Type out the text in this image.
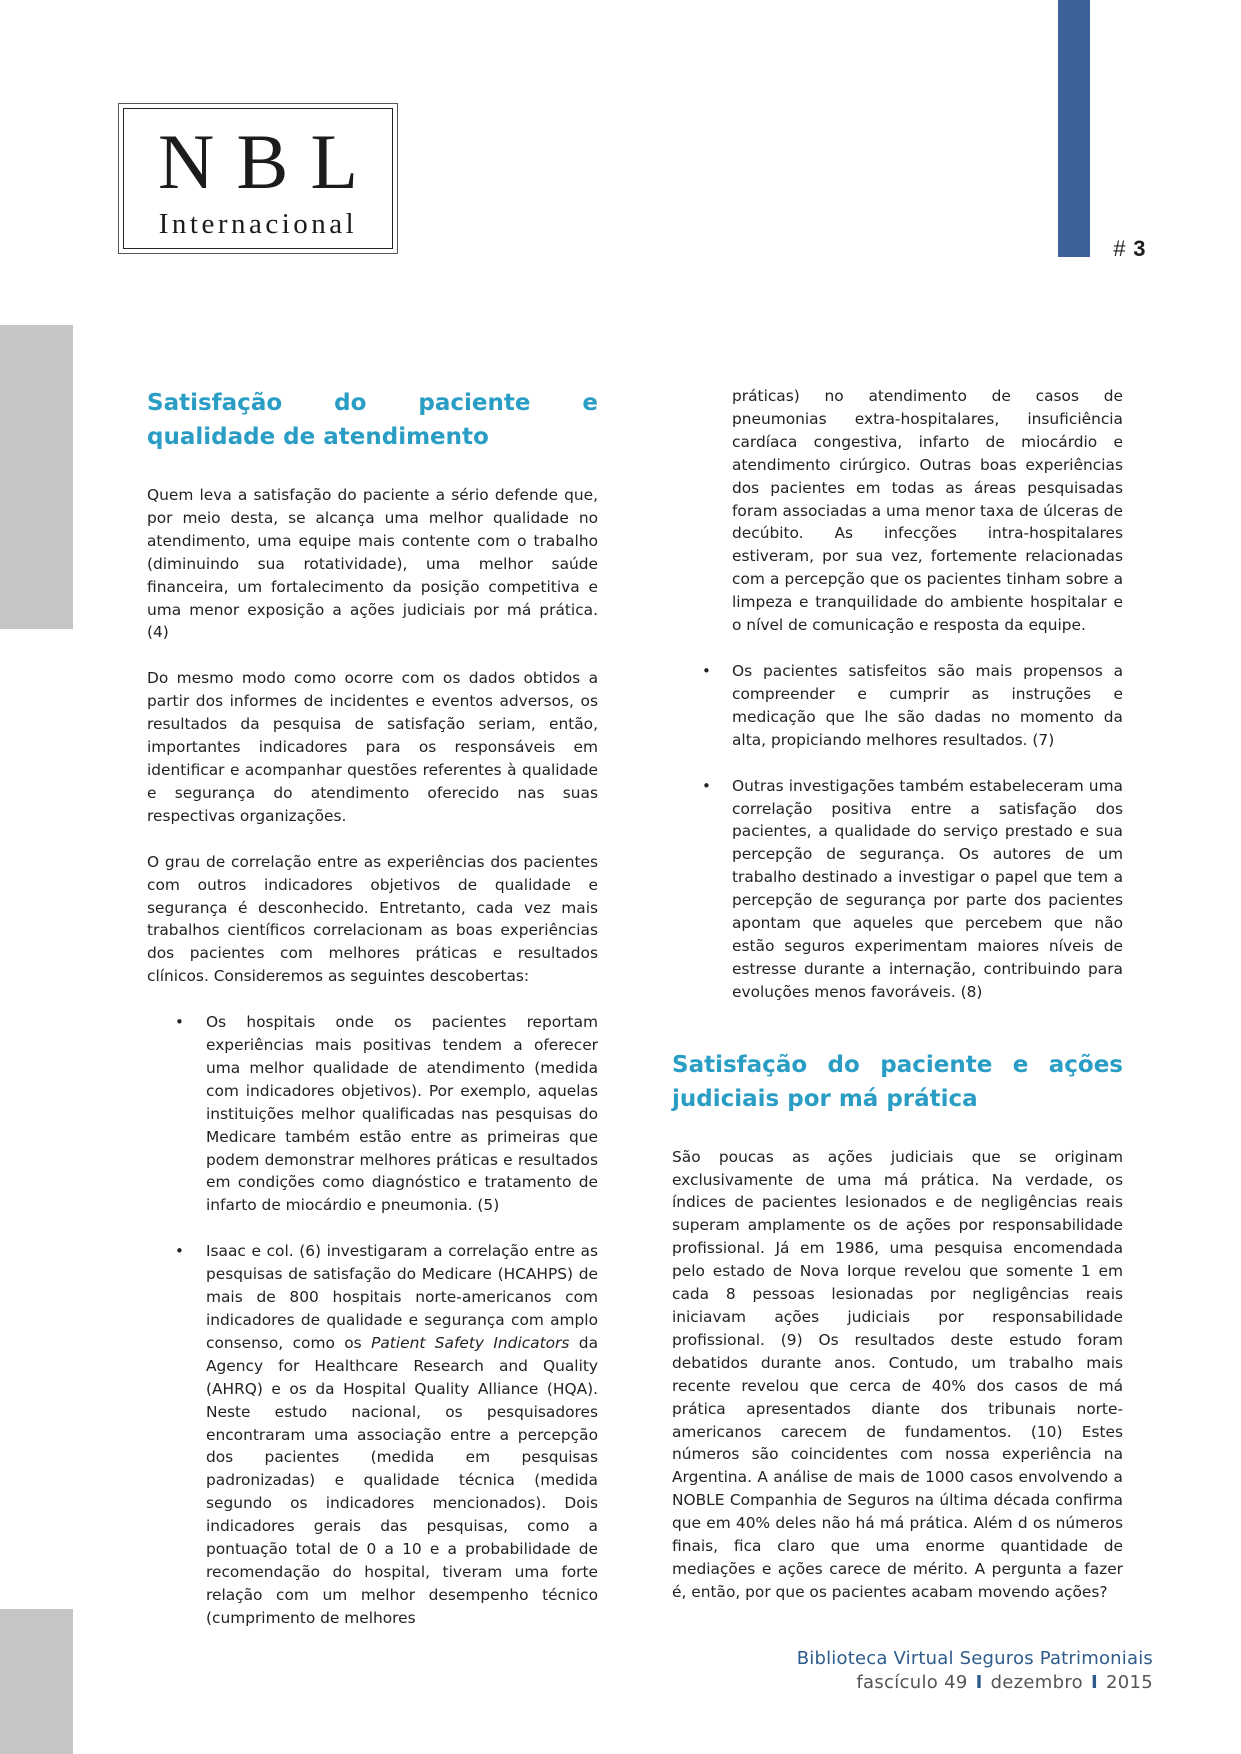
# 3
NBL
Internacional
Satisfação do paciente e qualidade de atendimento

Quem leva a satisfação do paciente a sério defende que, por meio desta, se alcança uma melhor qualidade no atendimento, uma equipe mais contente com o trabalho (diminuindo sua rotatividade), uma melhor saúde financeira, um fortalecimento da posição competitiva e uma menor exposição a ações judiciais por má prática. (4)

Do mesmo modo como ocorre com os dados obtidos a partir dos informes de incidentes e eventos adversos, os resultados da pesquisa de satisfação seriam, então, importantes indicadores para os responsáveis em identificar e acompanhar questões referentes à qualidade e segurança do atendimento oferecido nas suas respectivas organizações.

O grau de correlação entre as experiências dos pacientes com outros indicadores objetivos de qualidade e segurança é desconhecido. Entretanto, cada vez mais trabalhos científicos correlacionam as boas experiências dos pacientes com melhores práticas e resultados clínicos. Consideremos as seguintes descobertas:

• Os hospitais onde os pacientes reportam experiências mais positivas tendem a oferecer uma melhor qualidade de atendimento (medida com indicadores objetivos). Por exemplo, aquelas instituições melhor qualificadas nas pesquisas do Medicare também estão entre as primeiras que podem demonstrar melhores práticas e resultados em condições como diagnóstico e tratamento de infarto de miocárdio e pneumonia. (5)
• Isaac e col. (6) investigaram a correlação entre as pesquisas de satisfação do Medicare (HCAHPS) de mais de 800 hospitais norte-americanos com indicadores de qualidade e segurança com amplo consenso, como os Patient Safety Indicators da Agency for Healthcare Research and Quality (AHRQ) e os da Hospital Quality Alliance (HQA). Neste estudo nacional, os pesquisadores encontraram uma associação entre a percepção dos pacientes (medida em pesquisas padronizadas) e qualidade técnica (medida segundo os indicadores mencionados). Dois indicadores gerais das pesquisas, como a pontuação total de 0 a 10 e a probabilidade de recomendação do hospital, tiveram uma forte relação com um melhor desempenho técnico (cumprimento de melhores

práticas) no atendimento de casos de pneumonias extra-hospitalares, insuficiência cardíaca congestiva, infarto de miocárdio e atendimento cirúrgico. Outras boas experiências dos pacientes em todas as áreas pesquisadas foram associadas a uma menor taxa de úlceras de decúbito. As infecções intra-hospitalares estiveram, por sua vez, fortemente relacionadas com a percepção que os pacientes tinham sobre a limpeza e tranquilidade do ambiente hospitalar e o nível de comunicação e resposta da equipe.

• Os pacientes satisfeitos são mais propensos a compreender e cumprir as instruções e medicação que lhe são dadas no momento da alta, propiciando melhores resultados. (7)
• Outras investigações também estabeleceram uma correlação positiva entre a satisfação dos pacientes, a qualidade do serviço prestado e sua percepção de segurança. Os autores de um trabalho destinado a investigar o papel que tem a percepção de segurança por parte dos pacientes apontam que aqueles que percebem que não estão seguros experimentam maiores níveis de estresse durante a internação, contribuindo para evoluções menos favoráveis. (8)
Satisfação do paciente e ações judiciais por má prática

São poucas as ações judiciais que se originam exclusivamente de uma má prática. Na verdade, os índices de pacientes lesionados e de negligências reais superam amplamente os de ações por responsabilidade profissional. Já em 1986, uma pesquisa encomendada pelo estado de Nova Iorque revelou que somente 1 em cada 8 pessoas lesionadas por negligências reais iniciavam ações judiciais por responsabilidade profissional. (9) Os resultados deste estudo foram debatidos durante anos. Contudo, um trabalho mais recente revelou que cerca de 40% dos casos de má prática apresentados diante dos tribunais norte-americanos carecem de fundamentos. (10) Estes números são coincidentes com nossa experiência na Argentina. A análise de mais de 1000 casos envolvendo a NOBLE Companhia de Seguros na última década confirma que em 40% deles não há má prática. Além d os números finais, fica claro que uma enorme quantidade de mediações e ações carece de mérito. A pergunta a fazer é, então, por que os pacientes acabam movendo ações?

Biblioteca Virtual Seguros Patrimoniais
fascículo 49 I dezembro I 2015
